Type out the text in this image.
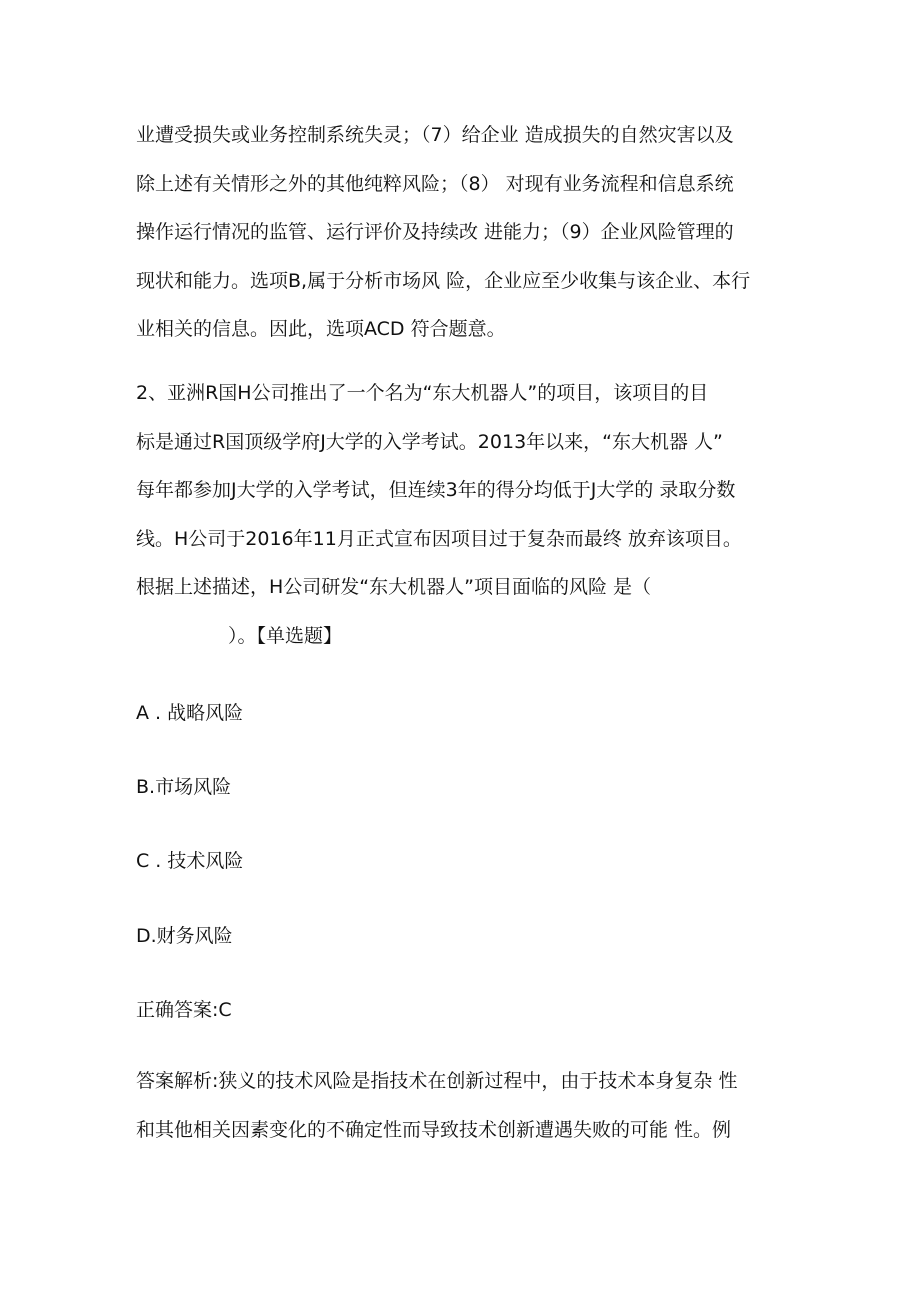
业遭受损失或业务控制系统失灵；（7）给企业 造成损失的自然灾害以及
除上述有关情形之外的其他纯粹风险；（8） 对现有业务流程和信息系统
操作运行情况的监管、运行评价及持续改 进能力；（9）企业风险管理的
现状和能力。选项B,属于分析市场风 险，企业应至少收集与该企业、本行
业相关的信息。因此，选项ACD 符合题意。
2、亚洲R国H公司推出了一个名为“东大机器人”的项目，该项目的目
标是通过R国顶级学府J大学的入学考试。2013年以来，“东大机器 人”
每年都参加J大学的入学考试，但连续3年的得分均低于J大学的 录取分数
线。H公司于2016年11月正式宣布因项目过于复杂而最终 放弃该项目。
根据上述描述，H公司研发“东大机器人”项目面临的风险 是（
）。【单选题】

A . 战略风险

B.市场风险

C . 技术风险

D.财务风险

正确答案:C

答案解析:狭义的技术风险是指技术在创新过程中，由于技术本身复杂 性
和其他相关因素变化的不确定性而导致技术创新遭遇失败的可能 性。例
